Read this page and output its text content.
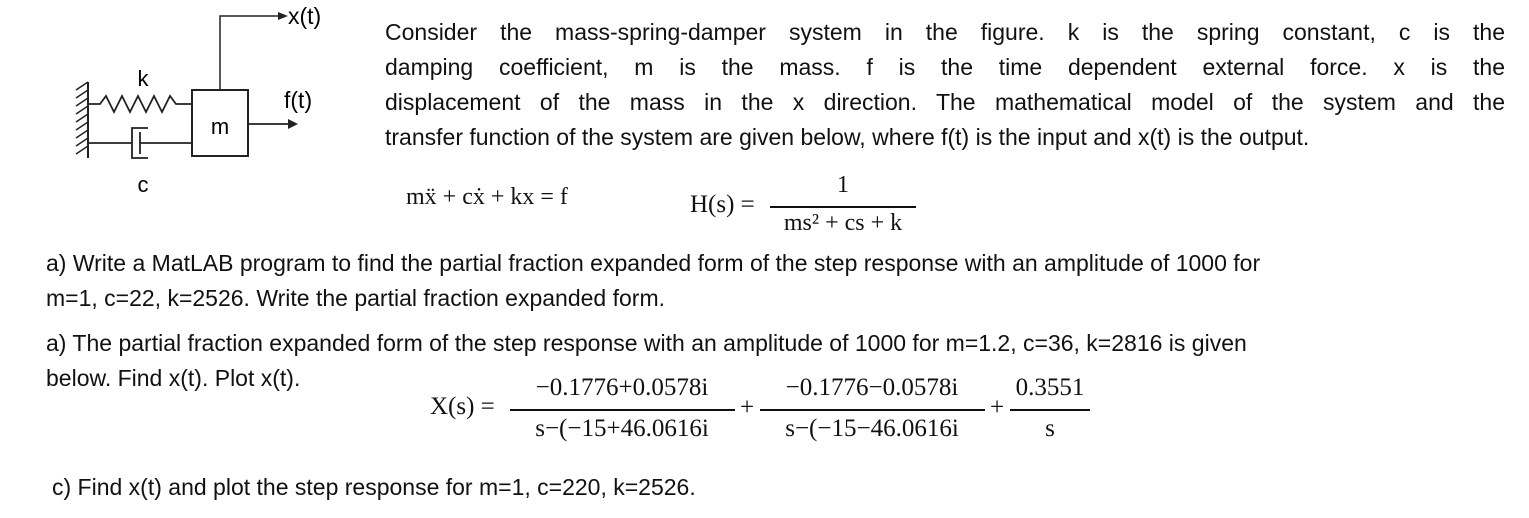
m
k
c
x(t)
f(t)
Consider the mass-spring-damper system in the figure. k is the spring constant, c is the
damping coefficient, m is the mass. f is the time dependent external force. x is the
displacement of the mass in the x direction. The mathematical model of the system and the
transfer function of the system are given below, where f(t) is the input and x(t) is the output.
mẍ + cẋ + kx = f	H(s) =
1
ms² + cs + k
a) Write a MatLAB program to find the partial fraction expanded form of the step response with an amplitude of 1000 for
m=1, c=22, k=2526. Write the partial fraction expanded form.
a) The partial fraction expanded form of the step response with an amplitude of 1000 for m=1.2, c=36, k=2816 is given
below. Find x(t). Plot x(t).
X(s) =
−0.1776+0.0578i
s−(−15+46.0616i
+
−0.1776−0.0578i
s−(−15−46.0616i
+
0.3551
s
c) Find x(t) and plot the step response for m=1, c=220, k=2526.
